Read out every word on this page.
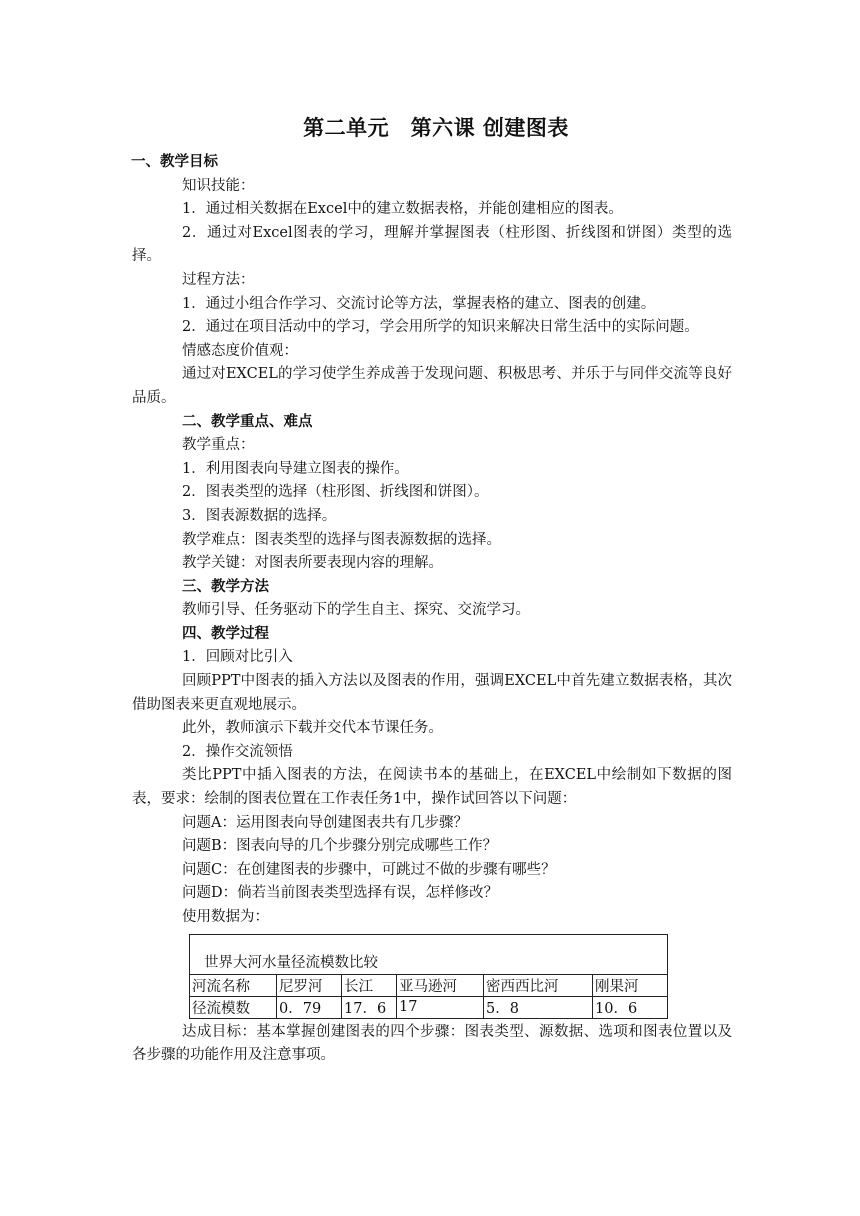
第二单元　第六课 创建图表

一、教学目标

知识技能：

1．通过相关数据在Excel中的建立数据表格，并能创建相应的图表。

2．通过对Excel图表的学习，理解并掌握图表（柱形图、折线图和饼图）类型的选择。

过程方法：

1．通过小组合作学习、交流讨论等方法，掌握表格的建立、图表的创建。

2．通过在项目活动中的学习，学会用所学的知识来解决日常生活中的实际问题。

情感态度价值观：

通过对EXCEL的学习使学生养成善于发现问题、积极思考、并乐于与同伴交流等良好品质。

二、教学重点、难点

教学重点：

1．利用图表向导建立图表的操作。

2．图表类型的选择（柱形图、折线图和饼图）。

3．图表源数据的选择。

教学难点：图表类型的选择与图表源数据的选择。

教学关键：对图表所要表现内容的理解。

三、教学方法

教师引导、任务驱动下的学生自主、探究、交流学习。

四、教学过程

1．回顾对比引入

回顾PPT中图表的插入方法以及图表的作用，强调EXCEL中首先建立数据表格，其次借助图表来更直观地展示。

此外，教师演示下载并交代本节课任务。

2．操作交流领悟

类比PPT中插入图表的方法，在阅读书本的基础上，在EXCEL中绘制如下数据的图表，要求：绘制的图表位置在工作表任务1中，操作试回答以下问题：

问题A：运用图表向导创建图表共有几步骤？

问题B：图表向导的几个步骤分别完成哪些工作？

问题C：在创建图表的步骤中，可跳过不做的步骤有哪些？

问题D：倘若当前图表类型选择有误，怎样修改？

使用数据为：

世界大河水量径流模数比较					
河流名称	尼罗河	长江	亚马逊河	密西西比河	刚果河
径流模数	0．79	17．6	17	5．8	10．6

达成目标：基本掌握创建图表的四个步骤：图表类型、源数据、选项和图表位置以及各步骤的功能作用及注意事项。
